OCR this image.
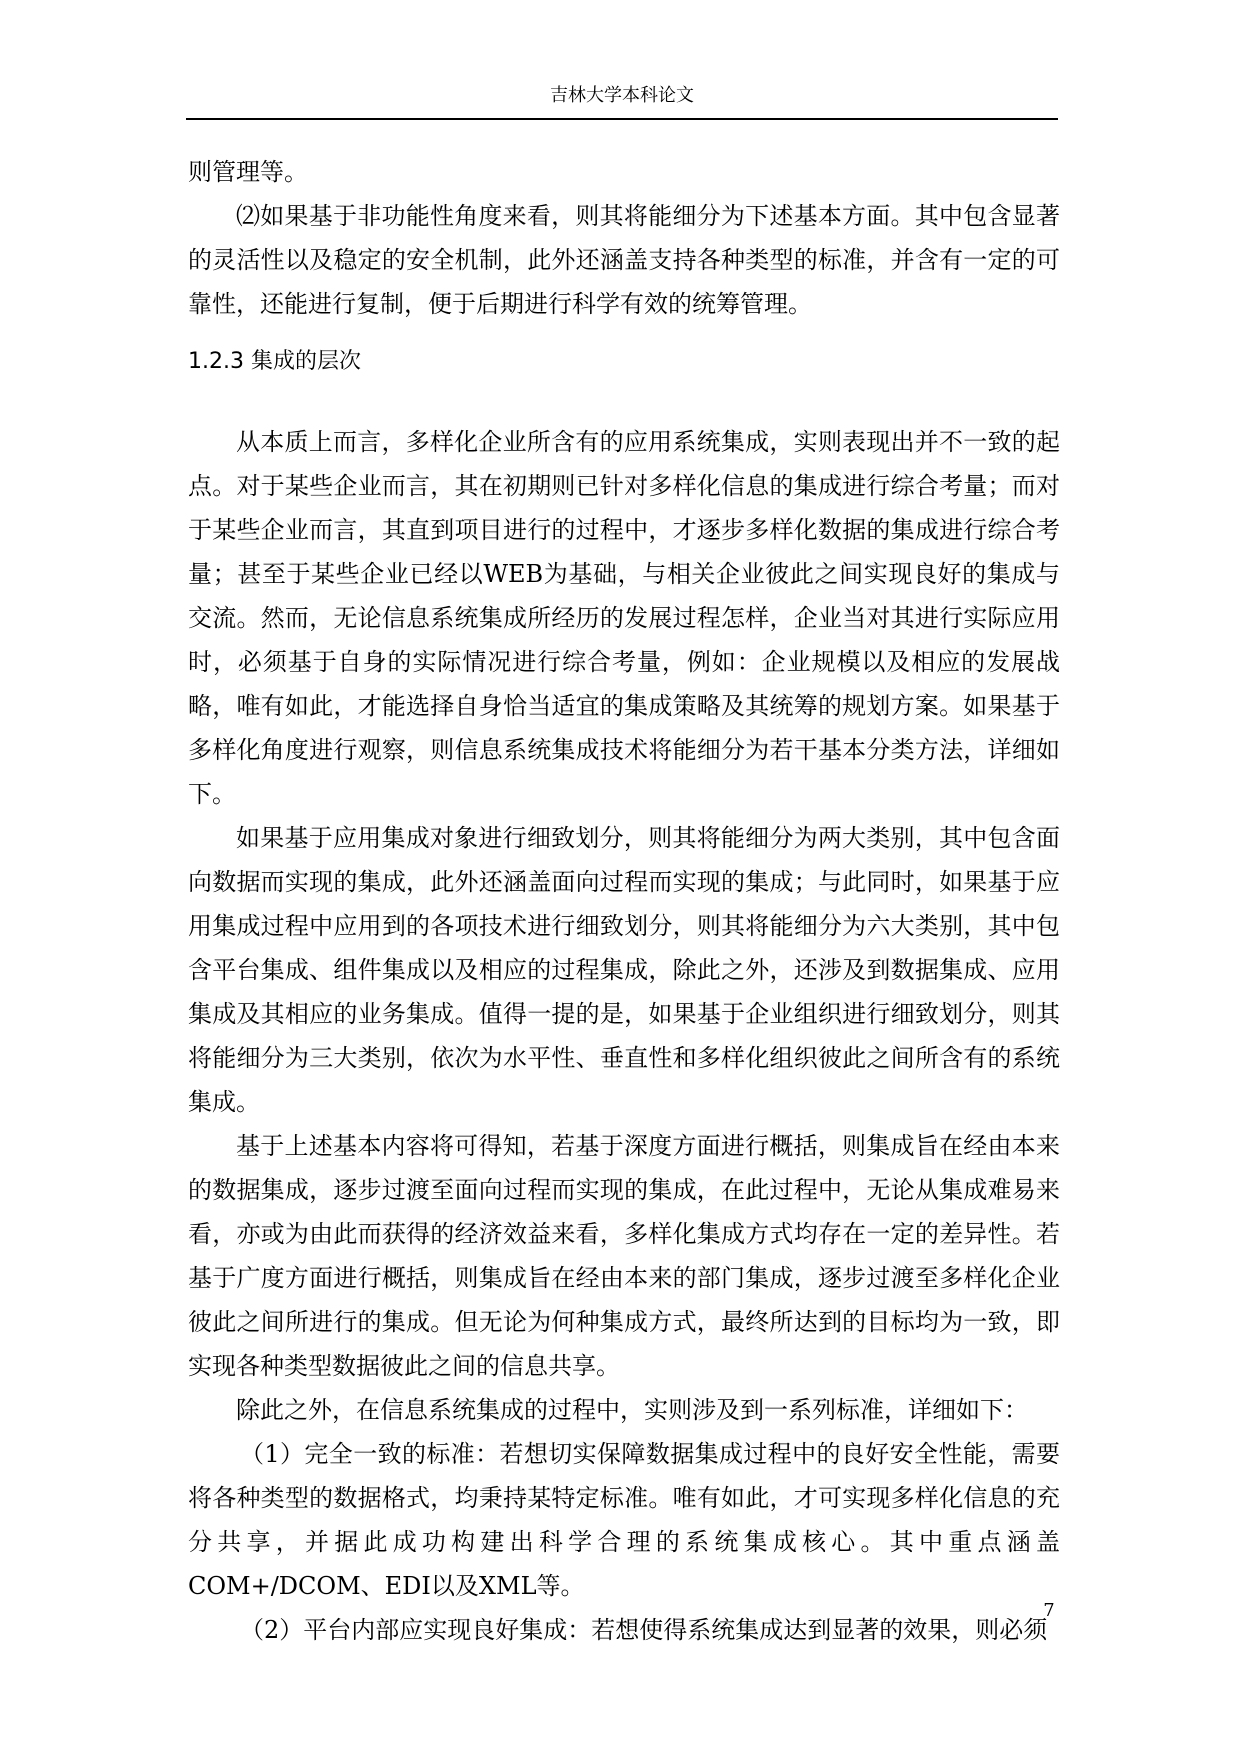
吉林大学本科论文

则管理等。

⑵如果基于非功能性角度来看，则其将能细分为下述基本方面。其中包含显著的灵活性以及稳定的安全机制，此外还涵盖支持各种类型的标准，并含有一定的可靠性，还能进行复制，便于后期进行科学有效的统筹管理。

1.2.3 集成的层次

从本质上而言，多样化企业所含有的应用系统集成，实则表现出并不一致的起点。对于某些企业而言，其在初期则已针对多样化信息的集成进行综合考量；而对于某些企业而言，其直到项目进行的过程中，才逐步多样化数据的集成进行综合考量；甚至于某些企业已经以WEB为基础，与相关企业彼此之间实现良好的集成与交流。然而，无论信息系统集成所经历的发展过程怎样，企业当对其进行实际应用时，必须基于自身的实际情况进行综合考量，例如：企业规模以及相应的发展战略，唯有如此，才能选择自身恰当适宜的集成策略及其统筹的规划方案。如果基于多样化角度进行观察，则信息系统集成技术将能细分为若干基本分类方法，详细如下。

如果基于应用集成对象进行细致划分，则其将能细分为两大类别，其中包含面向数据而实现的集成，此外还涵盖面向过程而实现的集成；与此同时，如果基于应用集成过程中应用到的各项技术进行细致划分，则其将能细分为六大类别，其中包含平台集成、组件集成以及相应的过程集成，除此之外，还涉及到数据集成、应用集成及其相应的业务集成。值得一提的是，如果基于企业组织进行细致划分，则其将能细分为三大类别，依次为水平性、垂直性和多样化组织彼此之间所含有的系统集成。

基于上述基本内容将可得知，若基于深度方面进行概括，则集成旨在经由本来的数据集成，逐步过渡至面向过程而实现的集成，在此过程中，无论从集成难易来看，亦或为由此而获得的经济效益来看，多样化集成方式均存在一定的差异性。若基于广度方面进行概括，则集成旨在经由本来的部门集成，逐步过渡至多样化企业彼此之间所进行的集成。但无论为何种集成方式，最终所达到的目标均为一致，即实现各种类型数据彼此之间的信息共享。

除此之外，在信息系统集成的过程中，实则涉及到一系列标准，详细如下：

（1）完全一致的标准：若想切实保障数据集成过程中的良好安全性能，需要将各种类型的数据格式，均秉持某特定标准。唯有如此，才可实现多样化信息的充分共享，并据此成功构建出科学合理的系统集成核心。其中重点涵盖COM+/DCOM、EDI以及XML等。

（2）平台内部应实现良好集成：若想使得系统集成达到显著的效果，则必须

7
